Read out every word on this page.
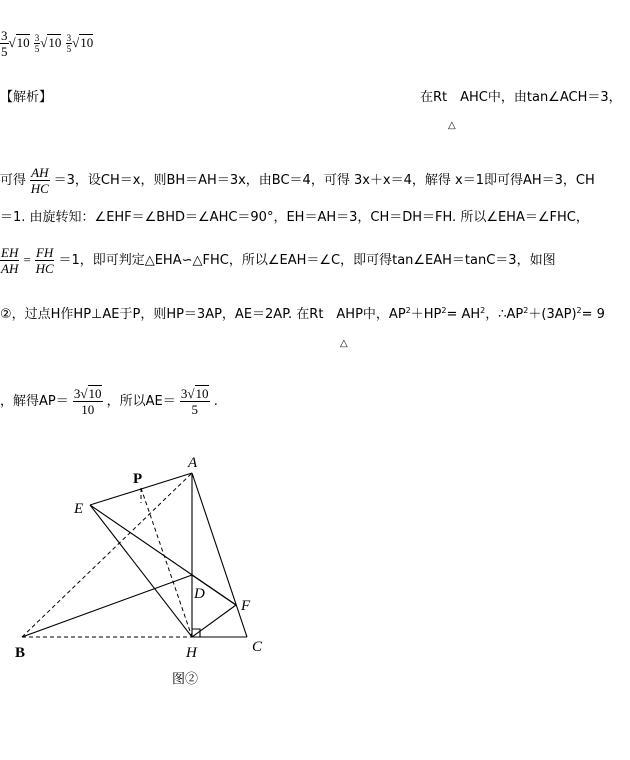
$\frac{3}{5} √10 \frac{3}{5} √10 \frac{3}{5} √10$
【解析】	在Rt　AHC中，由tan∠ACH＝3，
△
可得 $\frac{AH}{HC} =3$，设CH＝x，则BH＝AH＝3x，由BC＝4，可得 3x＋x＝4，解得 x＝1即可得AH＝3，CH
＝1. 由旋转知：∠EHF＝∠BHD＝∠AHC＝90°，EH＝AH＝3，CH＝DH＝FH. 所以∠EHA＝∠FHC，
$\frac{EH}{AH} = \frac{FH}{HC} =1$，即可判定△EHA∽△FHC，所以∠EAH＝∠C，即可得tan∠EAH＝tanC＝3，如图
②，过点H作HP⊥AE于P，则HP＝3AP，AE＝2AP. 在Rt　AHP中，$AP^2+HP^2= AH^2$，$\therefore AP^2+(3AP)^2= 9$
△
，解得$AP= \frac{3√10}{10}$ ，所以$AE= \frac{3√10}{5}$ .
A
P
E
D
F
B	H	C
图②
